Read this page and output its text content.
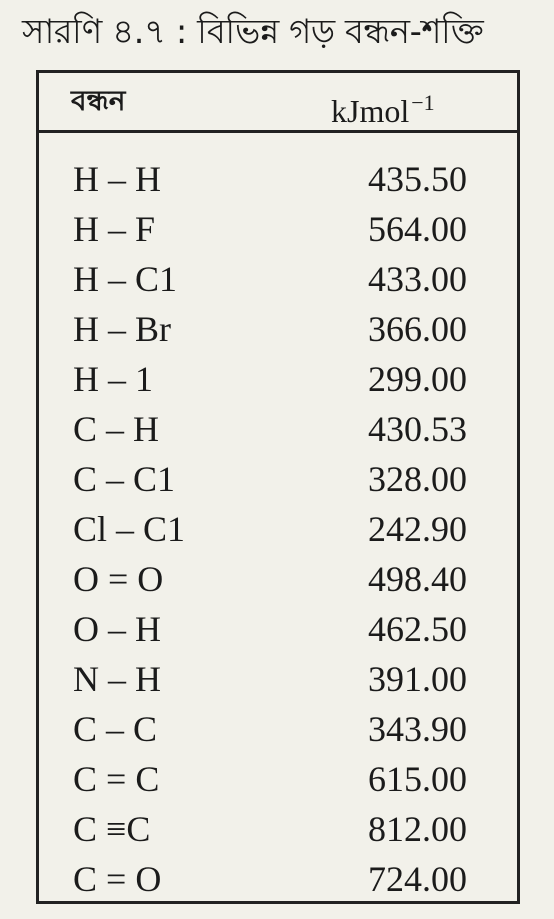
সারণি ৪.৭ : বিভিন্ন গড় বন্ধন-শক্তি
বন্ধন	kJmol$^{-1}$
H – H	435.50
H – F	564.00
H – C1	433.00
H – Br	366.00
H – 1	299.00
C – H	430.53
C – C1	328.00
Cl – C1	242.90
O = O	498.40
O – H	462.50
N – H	391.00
C – C	343.90
C = C	615.00
C ≡C	812.00
C = O	724.00
